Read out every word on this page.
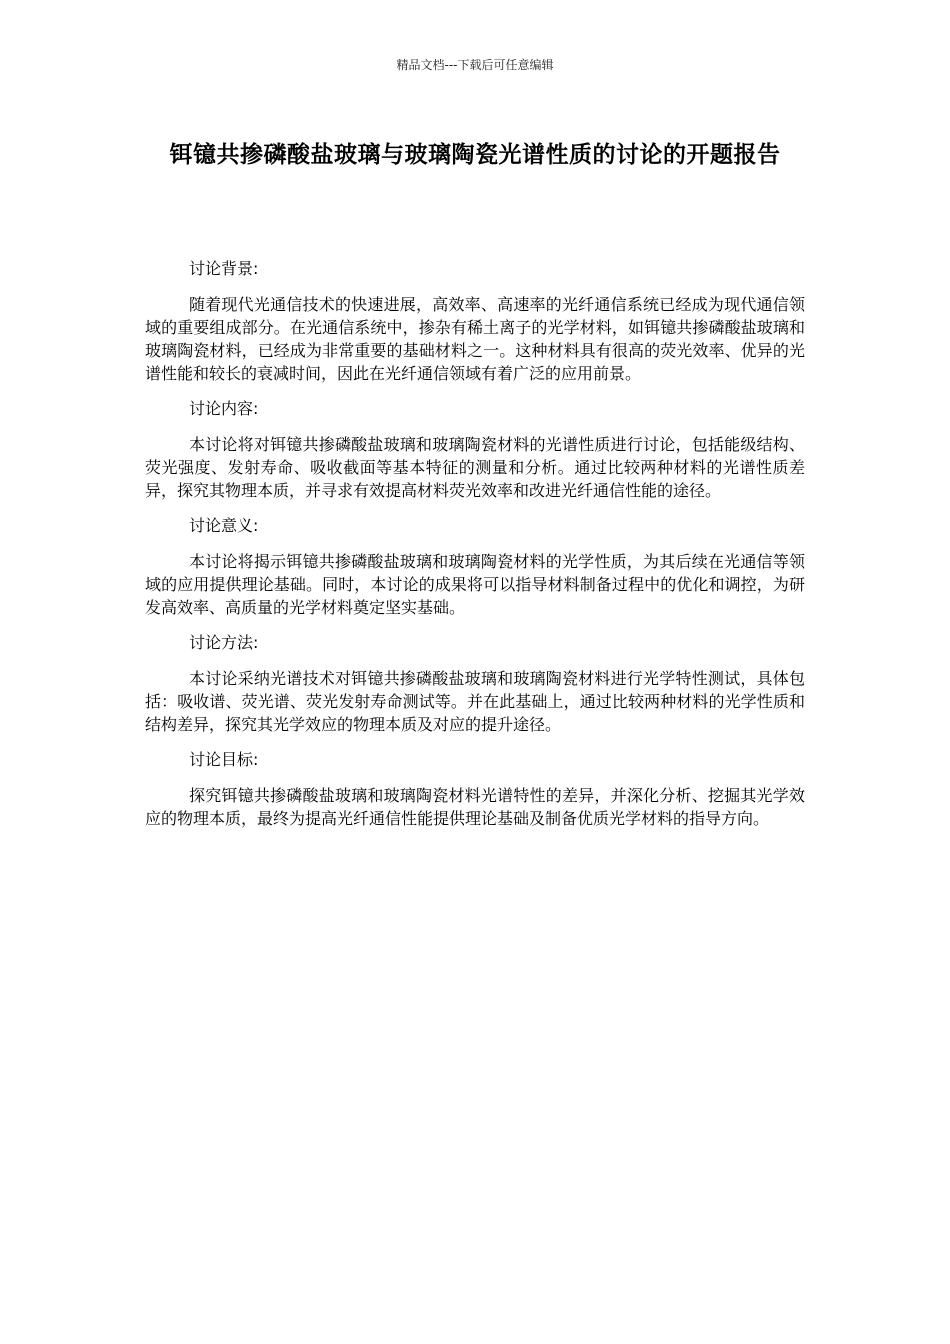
精品文档---下载后可任意编辑
铒镱共掺磷酸盐玻璃与玻璃陶瓷光谱性质的讨论的开题报告

讨论背景:

随着现代光通信技术的快速进展，高效率、高速率的光纤通信系统已经成为现代通信领域的重要组成部分。在光通信系统中，掺杂有稀土离子的光学材料，如铒镱共掺磷酸盐玻璃和玻璃陶瓷材料，已经成为非常重要的基础材料之一。这种材料具有很高的荧光效率、优异的光谱性能和较长的衰减时间，因此在光纤通信领域有着广泛的应用前景。

讨论内容:

本讨论将对铒镱共掺磷酸盐玻璃和玻璃陶瓷材料的光谱性质进行讨论，包括能级结构、荧光强度、发射寿命、吸收截面等基本特征的测量和分析。通过比较两种材料的光谱性质差异，探究其物理本质，并寻求有效提高材料荧光效率和改进光纤通信性能的途径。

讨论意义:

本讨论将揭示铒镱共掺磷酸盐玻璃和玻璃陶瓷材料的光学性质，为其后续在光通信等领域的应用提供理论基础。同时，本讨论的成果将可以指导材料制备过程中的优化和调控，为研发高效率、高质量的光学材料奠定坚实基础。

讨论方法:

本讨论采纳光谱技术对铒镱共掺磷酸盐玻璃和玻璃陶瓷材料进行光学特性测试，具体包括：吸收谱、荧光谱、荧光发射寿命测试等。并在此基础上，通过比较两种材料的光学性质和结构差异，探究其光学效应的物理本质及对应的提升途径。

讨论目标:

探究铒镱共掺磷酸盐玻璃和玻璃陶瓷材料光谱特性的差异，并深化分析、挖掘其光学效应的物理本质，最终为提高光纤通信性能提供理论基础及制备优质光学材料的指导方向。
